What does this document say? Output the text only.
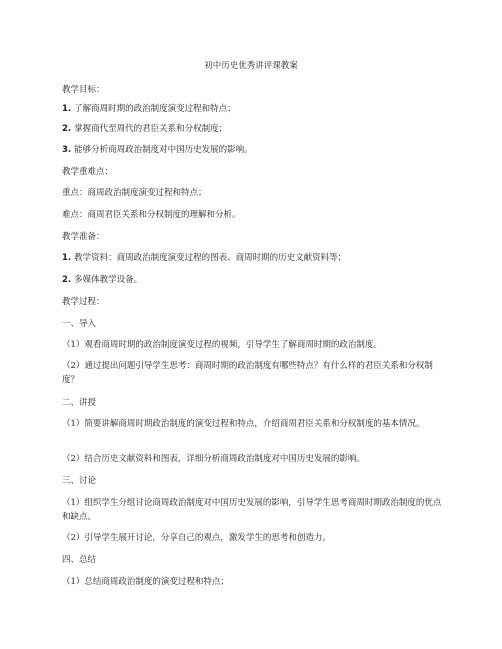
初中历史优秀讲评课教案
教学目标：
1. 了解商周时期的政治制度演变过程和特点；
2. 掌握商代至周代的君臣关系和分权制度；
3. 能够分析商周政治制度对中国历史发展的影响。
教学重难点：
重点：商周政治制度演变过程和特点；
难点：商周君臣关系和分权制度的理解和分析。
教学准备：
1. 教学资料：商周政治制度演变过程的图表、商周时期的历史文献资料等；
2. 多媒体教学设备。
教学过程：
一、导入
（1）观看商周时期的政治制度演变过程的视频，引导学生了解商周时期的政治制度。
（2）通过提出问题引导学生思考：商周时期的政治制度有哪些特点？有什么样的君臣关系和分权制度？
二、讲授
（1）简要讲解商周时期政治制度的演变过程和特点，介绍商周君臣关系和分权制度的基本情况。
（2）结合历史文献资料和图表，详细分析商周政治制度对中国历史发展的影响。
三、讨论
（1）组织学生分组讨论商周政治制度对中国历史发展的影响，引导学生思考商周时期政治制度的优点和缺点。
（2）引导学生展开讨论，分享自己的观点，激发学生的思考和创造力。
四、总结
（1）总结商周政治制度的演变过程和特点；
